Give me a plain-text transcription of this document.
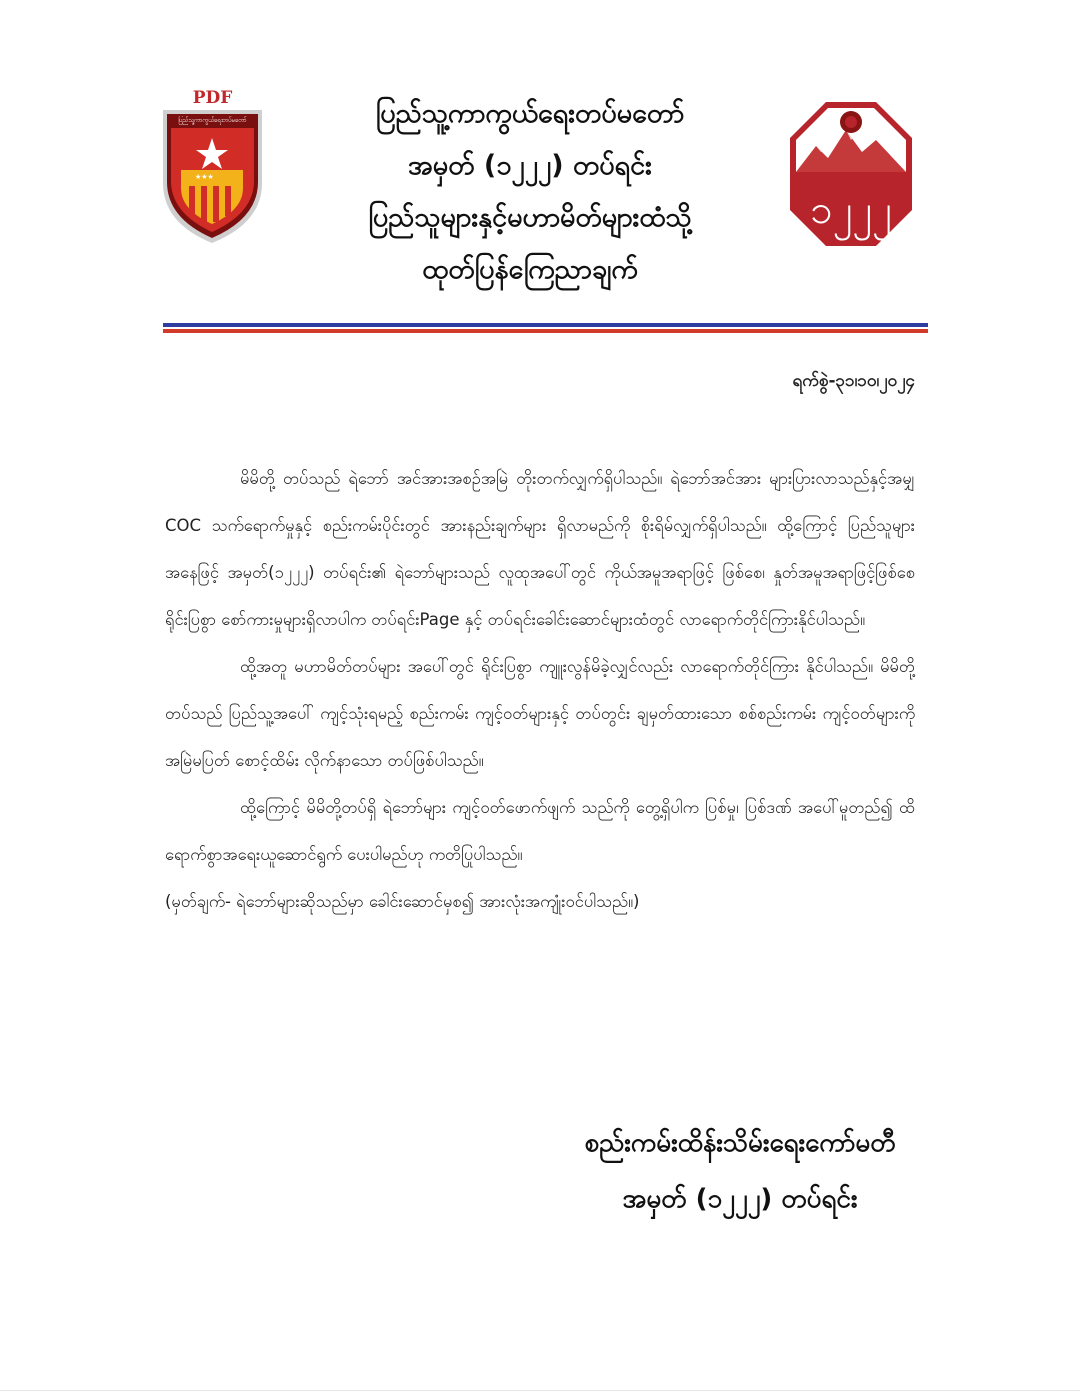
★★★
PDF
ပြည်သူ့ကာကွယ်ရေးတပ်မတော်	ပြည်သူ့ကာကွယ်ရေးတပ်မတော်
အမှတ် (၁၂၂၂) တပ်ရင်း
ပြည်သူများနှင့်မဟာမိတ်များထံသို့
ထုတ်ပြန်ကြေညာချက်
၁၂၂၂
ရက်စွဲ-၃၁၊၁၀၊၂၀၂၄

မိမိတို့ တပ်သည် ရဲဘော် အင်အားအစဉ်အမြဲ တိုးတက်လျှက်ရှိပါသည်။ ရဲဘော်အင်အား များပြားလာသည်နှင့်အမျှ COC သက်ရောက်မှုနှင့် စည်းကမ်းပိုင်းတွင် အားနည်းချက်များ ရှိလာမည်ကို စိုးရိမ်လျှက်ရှိပါသည်။ ထို့ကြောင့် ပြည်သူများအနေဖြင့် အမှတ်(၁၂၂၂) တပ်ရင်း၏ ရဲဘော်များသည် လူထုအပေါ်တွင် ကိုယ်အမူအရာဖြင့် ဖြစ်စေ၊ နှုတ်အမူအရာဖြင့်ဖြစ်စေ ရိုင်းပြစွာ စော်ကားမှုများရှိလာပါက တပ်ရင်းPage နှင့် တပ်ရင်းခေါင်းဆောင်များထံတွင် လာရောက်တိုင်ကြားနိုင်ပါသည်။

ထို့အတူ မဟာမိတ်တပ်များ အပေါ်တွင် ရိုင်းပြစွာ ကျူးလွန်မိခဲ့လျှင်လည်း လာရောက်တိုင်ကြား နိုင်ပါသည်။ မိမိတို့ တပ်သည် ပြည်သူ့အပေါ် ကျင့်သုံးရမည့် စည်းကမ်း ကျင့်ဝတ်များနှင့် တပ်တွင်း ချမှတ်ထားသော စစ်စည်းကမ်း ကျင့်ဝတ်များကို အမြဲမပြတ် စောင့်ထိမ်း လိုက်နာသော တပ်ဖြစ်ပါသည်။

ထို့ကြောင့် မိမိတို့တပ်ရှိ ရဲဘော်များ ကျင့်ဝတ်ဖောက်ဖျက် သည်ကို တွေ့ရှိပါက ပြစ်မှု၊ ပြစ်ဒဏ် အပေါ်မူတည်၍ ထိရောက်စွာအရေးယူဆောင်ရွက် ပေးပါမည်ဟု ကတိပြုပါသည်။

(မှတ်ချက်- ရဲဘော်များဆိုသည်မှာ ခေါင်းဆောင်မှစ၍ အားလုံးအကျုံးဝင်ပါသည်။)

စည်းကမ်းထိန်းသိမ်းရေးကော်မတီ
အမှတ် (၁၂၂၂) တပ်ရင်း
